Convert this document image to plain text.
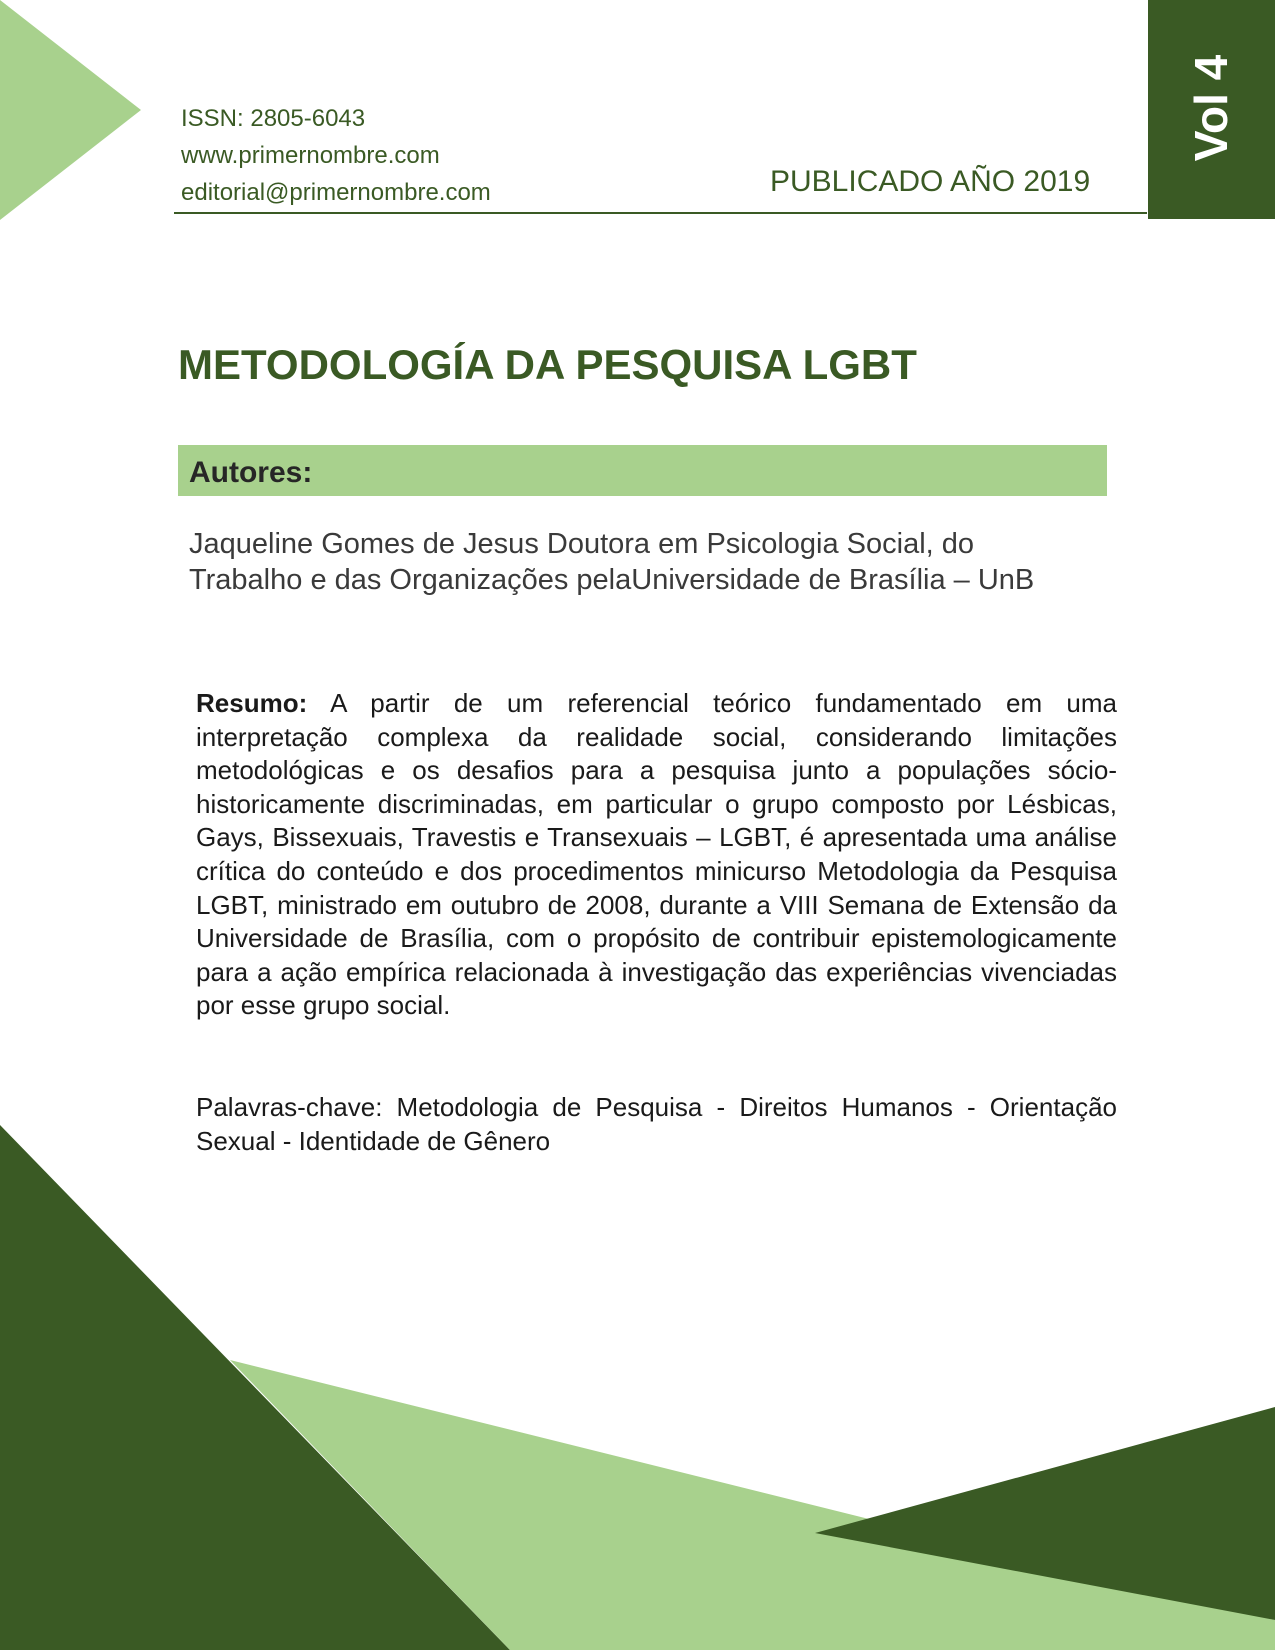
ISSN: 2805-6043
www.primernombre.com
editorial@primernombre.com	PUBLICADO AÑO 2019
Vol 4
METODOLOGÍA DA PESQUISA LGBT
Autores:
Jaqueline Gomes de Jesus Doutora em Psicologia Social, do Trabalho e das Organizações pelaUniversidade de Brasília – UnB
Resumo: A partir de um referencial teórico fundamentado em uma interpretação complexa da realidade social, considerando limitações metodológicas e os desafios para a pesquisa junto a populações sócio-historicamente discriminadas, em particular o grupo composto por Lésbicas, Gays, Bissexuais, Travestis e Transexuais – LGBT, é apresentada uma análise crítica do conteúdo e dos procedimentos minicurso Metodologia da Pesquisa LGBT, ministrado em outubro de 2008, durante a VIII Semana de Extensão da Universidade de Brasília, com o propósito de contribuir epistemologicamente para a ação empírica relacionada à investigação das experiências vivenciadas por esse grupo social.
Palavras-chave: Metodologia de Pesquisa - Direitos Humanos - Orientação Sexual - Identidade de Gênero
